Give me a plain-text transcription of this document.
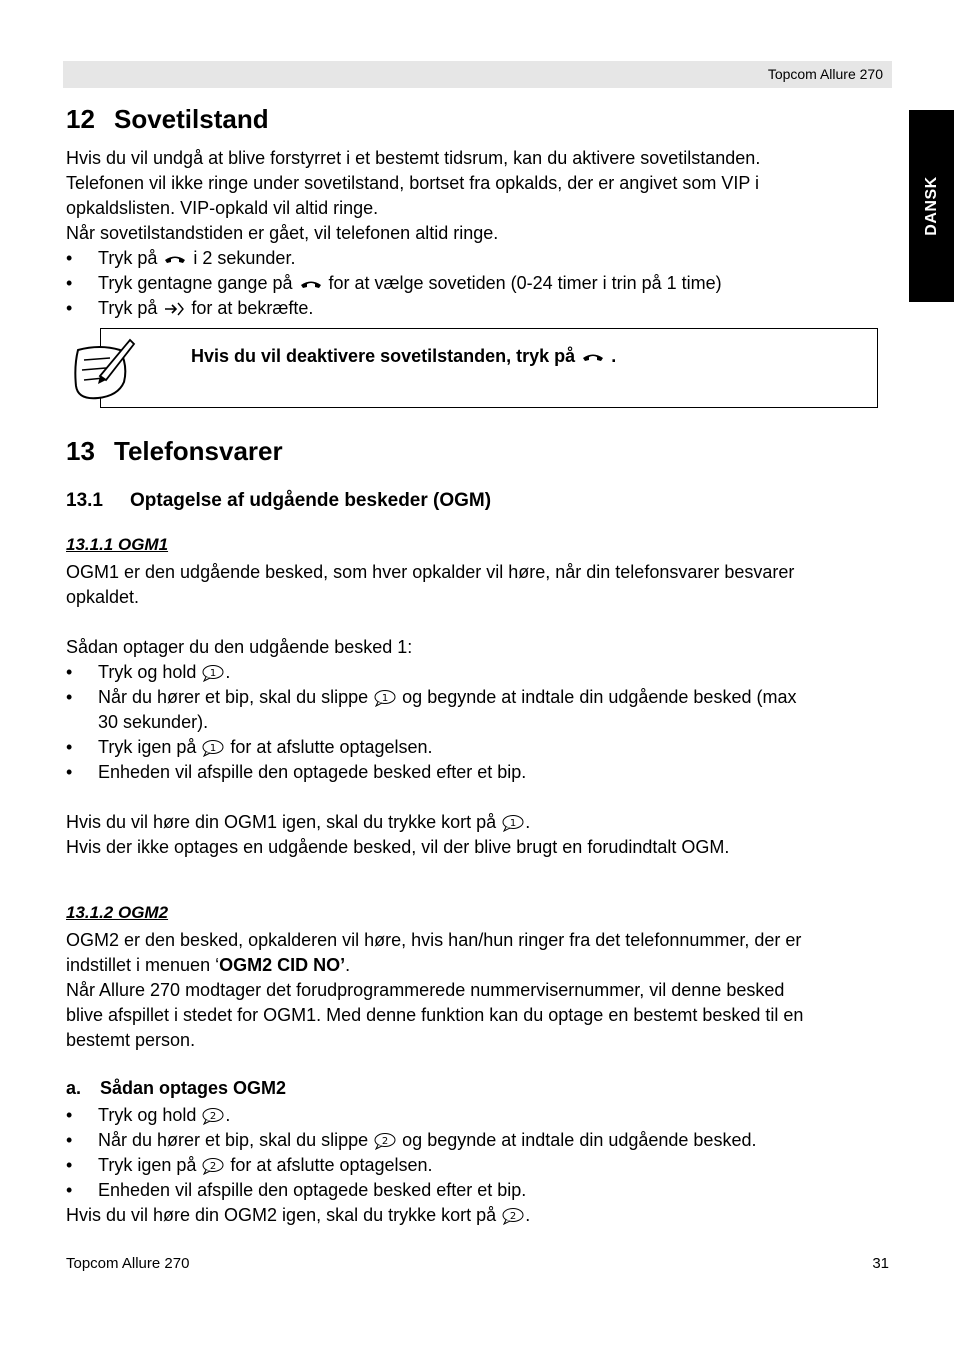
Topcom Allure 270
DANSK
12 Sovetilstand
Hvis du vil undgå at blive forstyrret i et bestemt tidsrum, kan du aktivere sovetilstanden.
Telefonen vil ikke ringe under sovetilstand, bortset fra opkalds, der er angivet som VIP i
opkaldslisten. VIP-opkald vil altid ringe.
Når sovetilstandstiden er gået, vil telefonen altid ringe.
• Tryk på i 2 sekunder.
• Tryk gentagne gange på for at vælge sovetiden (0-24 timer i trin på 1 time)
• Tryk på for at bekræfte.
Hvis du vil deaktivere sovetilstanden, tryk på .
13 Telefonsvarer
13.1 Optagelse af udgående beskeder (OGM)
13.1.1 OGM1
OGM1 er den udgående besked, som hver opkalder vil høre, når din telefonsvarer besvarer
opkaldet.
Sådan optager du den udgående besked 1:
• Tryk og hold 1 .
• Når du hører et bip, skal du slippe 1 og begynde at indtale din udgående besked (max
30 sekunder).
• Tryk igen på 1 for at afslutte optagelsen.
• Enheden vil afspille den optagede besked efter et bip.
Hvis du vil høre din OGM1 igen, skal du trykke kort på 1 .
Hvis der ikke optages en udgående besked, vil der blive brugt en forudindtalt OGM.
13.1.2 OGM2
OGM2 er den besked, opkalderen vil høre, hvis han/hun ringer fra det telefonnummer, der er
indstillet i menuen ‘OGM2 CID NO’.
Når Allure 270 modtager det forudprogrammerede nummervisernummer, vil denne besked
blive afspillet i stedet for OGM1. Med denne funktion kan du optage en bestemt besked til en
bestemt person.
a. Sådan optages OGM2
• Tryk og hold 2 .
• Når du hører et bip, skal du slippe 2 og begynde at indtale din udgående besked.
• Tryk igen på 2 for at afslutte optagelsen.
• Enheden vil afspille den optagede besked efter et bip.
Hvis du vil høre din OGM2 igen, skal du trykke kort på 2 .
Topcom Allure 270	31
